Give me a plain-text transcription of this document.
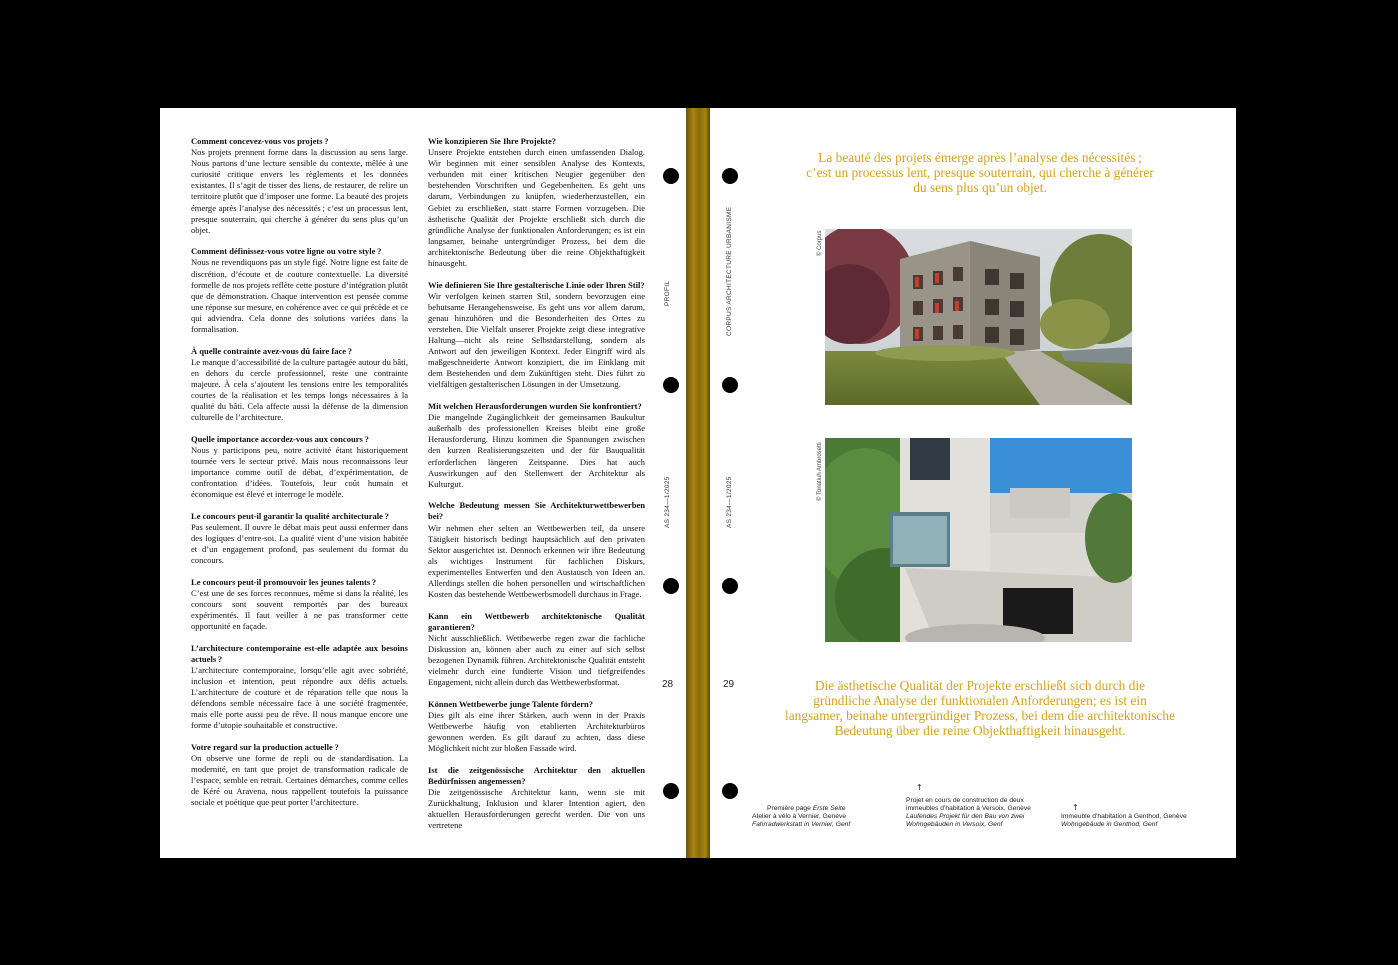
Comment concevez-vous vos projets ?
Nos projets prennent forme dans la discussion au sens large. Nous partons d’une lecture sensible du contexte, mêlée à une curiosité critique envers les règlements et les données existantes. Il s’agit de tisser des liens, de restaurer, de relire un territoire plutôt que d’imposer une forme. La beauté des projets émerge après l’analyse des nécessités ; c’est un processus lent, presque souterrain, qui cherche à générer du sens plus qu’un objet.
Comment définissez-vous votre ligne ou votre style ?
Nous ne revendiquons pas un style figé. Notre ligne est faite de discrétion, d’écoute et de couture contextuelle. La diversité formelle de nos projets reflète cette posture d’intégration plutôt que de démonstration. Chaque intervention est pensée comme une réponse sur mesure, en cohérence avec ce qui précède et ce qui adviendra. Cela donne des solutions variées dans la formalisation.
À quelle contrainte avez-vous dû faire face ?
Le manque d’accessibilité de la culture partagée autour du bâti, en dehors du cercle professionnel, reste une contrainte majeure. À cela s’ajoutent les tensions entre les temporalités courtes de la réalisation et les temps longs nécessaires à la qualité du bâti. Cela affecte aussi la défense de la dimension culturelle de l’architecture.
Quelle importance accordez-vous aux concours ?
Nous y participons peu, notre activité étant historiquement tournée vers le secteur privé. Mais nous reconnaissons leur importance comme outil de débat, d’expérimentation, de confrontation d’idées. Toutefois, leur coût humain et économique est élevé et interroge le modèle.
Le concours peut-il garantir la qualité architecturale ?
Pas seulement. Il ouvre le débat mais peut aussi enfermer dans des logiques d’entre-soi. La qualité vient d’une vision habitée et d’un engagement profond, pas seulement du format du concours.
Le concours peut-il promouvoir les jeunes talents ?
C’est une de ses forces reconnues, même si dans la réalité, les concours sont souvent remportés par des bureaux expérimentés. Il faut veiller à ne pas transformer cette opportunité en façade.
L’architecture contemporaine est-elle adaptée aux besoins actuels ?
L’architecture contemporaine, lorsqu’elle agit avec sobriété, inclusion et intention, peut répondre aux défis actuels. L’architecture de couture et de réparation telle que nous la défendons semble nécessaire face à une société fragmentée, mais elle porte aussi peu de rêve. Il nous manque encore une forme d’utopie souhaitable et constructive.
Votre regard sur la production actuelle ?
On observe une forme de repli ou de standardisation. La modernité, en tant que projet de transformation radicale de l’espace, semble en retrait. Certaines démarches, comme celles de Kéré ou Aravena, nous rappellent toutefois la puissance sociale et poétique que peut porter l’architecture.
Wie konzipieren Sie Ihre Projekte?
Unsere Projekte entstehen durch einen umfassenden Dialog. Wir beginnen mit einer sensiblen Analyse des Kontexts, verbunden mit einer kritischen Neugier gegenüber den bestehenden Vorschriften und Gegebenheiten. Es geht uns darum, Verbindungen zu knüpfen, wiederherzustellen, ein Gebiet zu erschließen, statt starre Formen vorzugeben. Die ästhetische Qualität der Projekte erschließt sich durch die gründliche Analyse der funktionalen Anforderungen; es ist ein langsamer, beinahe untergründiger Prozess, bei dem die architektonische Bedeutung über die reine Objekthaftigkeit hinausgeht.
Wie definieren Sie Ihre gestalterische Linie oder Ihren Stil?
Wir verfolgen keinen starren Stil, sondern bevorzugen eine behutsame Herangehensweise. Es geht uns vor allem darum, genau hinzuhören und die Besonderheiten des Ortes zu verstehen. Die Vielfalt unserer Projekte zeigt diese integrative Haltung—nicht als reine Selbstdarstellung, sondern als Antwort auf den jeweiligen Kontext. Jeder Eingriff wird als maßgeschneiderte Antwort konzipiert, die im Einklang mit dem Bestehenden und dem Zukünftigen steht. Dies führt zu vielfältigen gestalterischen Lösungen in der Umsetzung.
Mit welchen Herausforderungen wurden Sie konfrontiert?
Die mangelnde Zugänglichkeit der gemeinsamen Baukultur außerhalb des professionellen Kreises bleibt eine große Herausforderung. Hinzu kommen die Spannungen zwischen den kurzen Realisierungszeiten und der für Bauqualität erforderlichen längeren Zeitspanne. Dies hat auch Auswirkungen auf den Stellenwert der Architektur als Kulturgut.
Welche Bedeutung messen Sie Architekturwettbewerben bei?
Wir nehmen eher selten an Wettbewerben teil, da unsere Tätigkeit historisch bedingt hauptsächlich auf den privaten Sektor ausgerichtet ist. Dennoch erkennen wir ihre Bedeutung als wichtiges Instrument für fachlichen Diskurs, experimentelles Entwerfen und den Austausch von Ideen an. Allerdings stellen die hohen personellen und wirtschaftlichen Kosten das bestehende Wettbewerbsmodell durchaus in Frage.
Kann ein Wettbewerb architektonische Qualität garantieren?
Nicht ausschließlich. Wettbewerbe regen zwar die fachliche Diskussion an, können aber auch zu einer auf sich selbst bezogenen Dynamik führen. Architektonische Qualität entsteht vielmehr durch eine fundierte Vision und tiefgreifendes Engagement, nicht allein durch das Wettbewerbsformat.
Können Wettbewerbe junge Talente fördern?
Dies gilt als eine ihrer Stärken, auch wenn in der Praxis Wettbewerbe häufig von etablierten Architekturbüros gewonnen werden. Es gilt darauf zu achten, dass diese Möglichkeit nicht zur bloßen Fassade wird.
Ist die zeitgenössische Architektur den aktuellen Bedürfnissen angemessen?
Die zeitgenössische Architektur kann, wenn sie mit Zurückhaltung, Inklusion und klarer Intention agiert, den aktuellen Herausforderungen gerecht werden. Die von uns vertretene
PROFIL
AS 234—1/2025
28
CORPUS ARCHITECTURE URBANISME
AS 234—1/2025
29
La beauté des projets émerge après l’analyse des nécessités ; c’est un processus lent, presque souterrain, qui cherche à générer du sens plus qu’un objet.
© Corpus
© Tonatiuh Ambrosetti
Die ästhetische Qualität der Projekte erschließt sich durch die gründliche Analyse der funktionalen Anforderungen; es ist ein langsamer, beinahe untergründiger Prozess, bei dem die architektonische Bedeutung über die reine Objekthaftigkeit hinausgeht.
Première page Erste Seite
Atelier à vélo à Vernier, Genève
Fahrradwerkstatt in Vernier, Genf
↑
Projet en cours de construction de deux immeubles d’habitation à Versoix, Genève
Laufendes Projekt für den Bau von zwei Wohngebäuden in Versoix, Genf
↑
Immeuble d’habitation à Genthod, Genève
Wohngebäude in Genthod, Genf
